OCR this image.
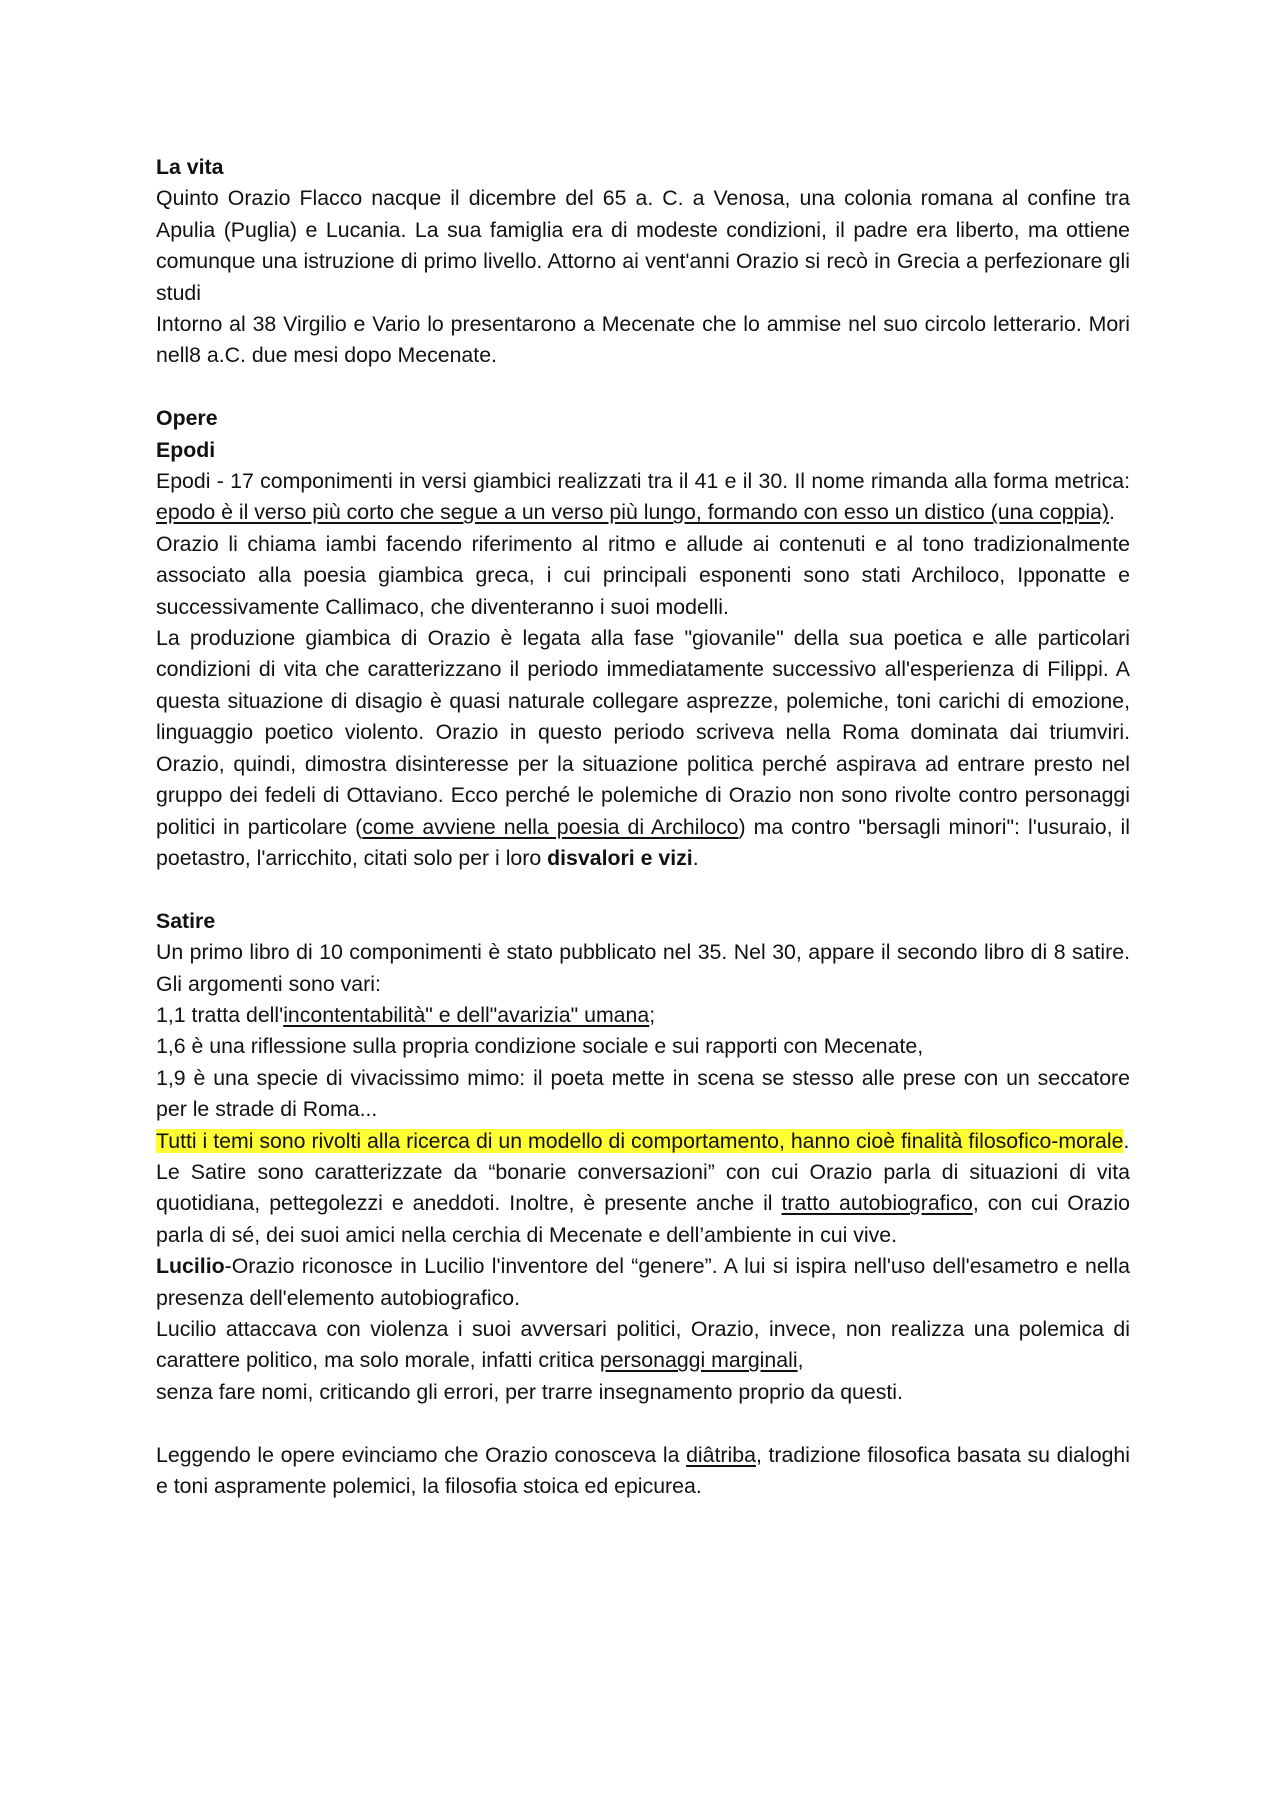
La vita

Quinto Orazio Flacco nacque il dicembre del 65 a. C. a Venosa, una colonia romana al confine tra Apulia (Puglia) e Lucania. La sua famiglia era di modeste condizioni, il padre era liberto, ma ottiene comunque una istruzione di primo livello. Attorno ai vent'anni Orazio si recò in Grecia a perfezionare gli studi

Intorno al 38 Virgilio e Vario lo presentarono a Mecenate che lo ammise nel suo circolo letterario. Mori nell8 a.C. due mesi dopo Mecenate.

Opere

Epodi

Epodi - 17 componimenti in versi giambici realizzati tra il 41 e il 30. Il nome rimanda alla forma metrica: epodo è il verso più corto che segue a un verso più lungo, formando con esso un distico (una coppia).

Orazio li chiama iambi facendo riferimento al ritmo e allude ai contenuti e al tono tradizionalmente associato alla poesia giambica greca, i cui principali esponenti sono stati Archiloco, Ipponatte e successivamente Callimaco, che diventeranno i suoi modelli.

La produzione giambica di Orazio è legata alla fase "giovanile" della sua poetica e alle particolari condizioni di vita che caratterizzano il periodo immediatamente successivo all'esperienza di Filippi. A questa situazione di disagio è quasi naturale collegare asprezze, polemiche, toni carichi di emozione, linguaggio poetico violento. Orazio in questo periodo scriveva nella Roma dominata dai triumviri. Orazio, quindi, dimostra disinteresse per la situazione politica perché aspirava ad entrare presto nel gruppo dei fedeli di Ottaviano. Ecco perché le polemiche di Orazio non sono rivolte contro personaggi politici in particolare (come avviene nella poesia di Archiloco) ma contro "bersagli minori": l'usuraio, il poetastro, l'arricchito, citati solo per i loro disvalori e vizi.

Satire

Un primo libro di 10 componimenti è stato pubblicato nel 35. Nel 30, appare il secondo libro di 8 satire. Gli argomenti sono vari:

1,1 tratta dell'incontentabilità" e dell"avarizia" umana;

1,6 è una riflessione sulla propria condizione sociale e sui rapporti con Mecenate,

1,9 è una specie di vivacissimo mimo: il poeta mette in scena se stesso alle prese con un seccatore per le strade di Roma...

Tutti i temi sono rivolti alla ricerca di un modello di comportamento, hanno cioè finalità filosofico-morale.

Le Satire sono caratterizzate da “bonarie conversazioni” con cui Orazio parla di situazioni di vita quotidiana, pettegolezzi e aneddoti. Inoltre, è presente anche il tratto autobiografico, con cui Orazio parla di sé, dei suoi amici nella cerchia di Mecenate e dell’ambiente in cui vive.

Lucilio-Orazio riconosce in Lucilio l'inventore del “genere”. A lui si ispira nell'uso dell'esametro e nella presenza dell'elemento autobiografico.

Lucilio attaccava con violenza i suoi avversari politici, Orazio, invece, non realizza una polemica di carattere politico, ma solo morale, infatti critica personaggi marginali,

senza fare nomi, criticando gli errori, per trarre insegnamento proprio da questi.

Leggendo le opere evinciamo che Orazio conosceva la diâtriba, tradizione filosofica basata su dialoghi e toni aspramente polemici, la filosofia stoica ed epicurea.
